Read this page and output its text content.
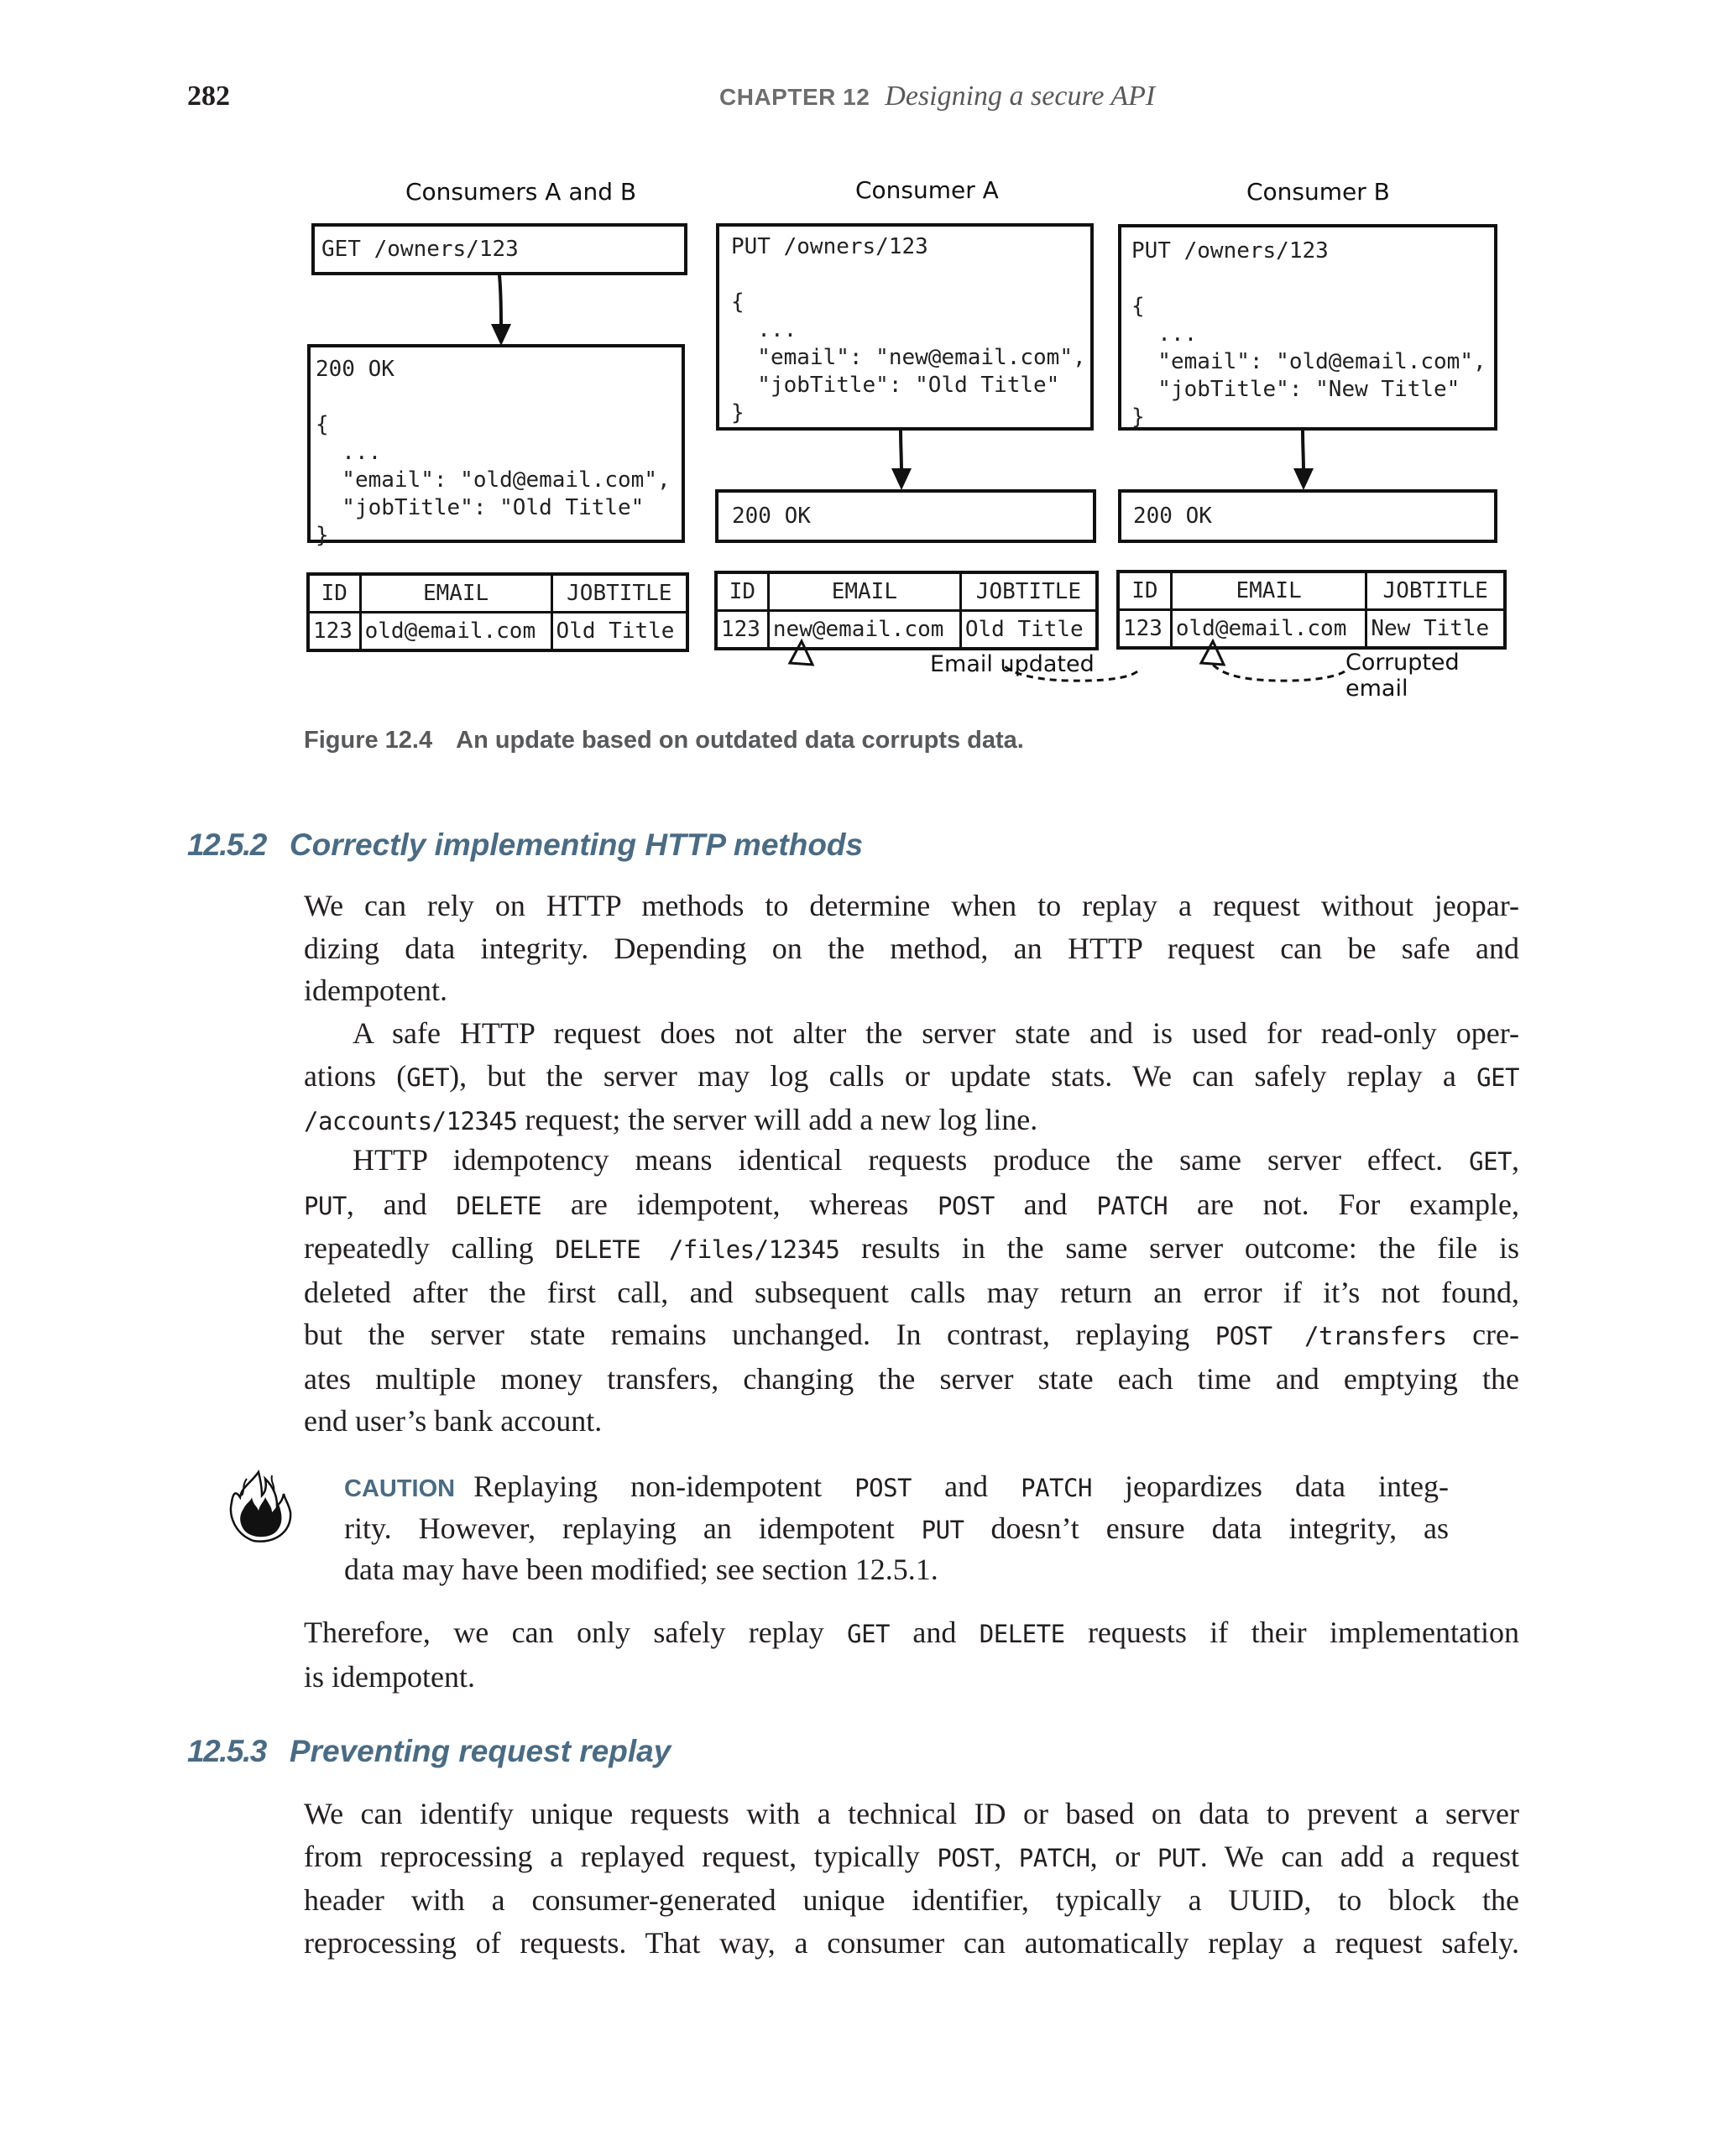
282	CHAPTER 12 Designing a secure API
Consumers A and B	Consumer A	Consumer B
GET /owners/123
200 OK

{
...
"email": "old@email.com",
"jobTitle": "Old Title"
}
ID	EMAIL	JOBTITLE
123	old@email.com	Old Title
PUT /owners/123

{
...
"email": "new@email.com",
"jobTitle": "Old Title"
}
200 OK
ID	EMAIL	JOBTITLE
123	new@email.com	Old Title
Email updated
PUT /owners/123

{
...
"email": "old@email.com",
"jobTitle": "New Title"
}
200 OK
ID	EMAIL	JOBTITLE
123	old@email.com	New Title
Corrupted email
Figure 12.4 An update based on outdated data corrupts data.
12.5.2 Correctly implementing HTTP methods
We can rely on HTTP methods to determine when to replay a request without jeopar-
dizing data integrity. Depending on the method, an HTTP request can be safe and
idempotent.
A safe HTTP request does not alter the server state and is used for read-only oper-
ations (GET), but the server may log calls or update stats. We can safely replay a GET
/accounts/12345 request; the server will add a new log line.
HTTP idempotency means identical requests produce the same server effect. GET,
PUT, and DELETE are idempotent, whereas POST and PATCH are not. For example,
repeatedly calling DELETE /files/12345 results in the same server outcome: the file is
deleted after the first call, and subsequent calls may return an error if it’s not found,
but the server state remains unchanged. In contrast, replaying POST /transfers cre-
ates multiple money transfers, changing the server state each time and emptying the
end user’s bank account.
CAUTION Replaying non-idempotent POST and PATCH jeopardizes data integ-
rity. However, replaying an idempotent PUT doesn’t ensure data integrity, as
data may have been modified; see section 12.5.1.
Therefore, we can only safely replay GET and DELETE requests if their implementation
is idempotent.
12.5.3 Preventing request replay
We can identify unique requests with a technical ID or based on data to prevent a server
from reprocessing a replayed request, typically POST, PATCH, or PUT. We can add a request
header with a consumer-generated unique identifier, typically a UUID, to block the
reprocessing of requests. That way, a consumer can automatically replay a request safely.
